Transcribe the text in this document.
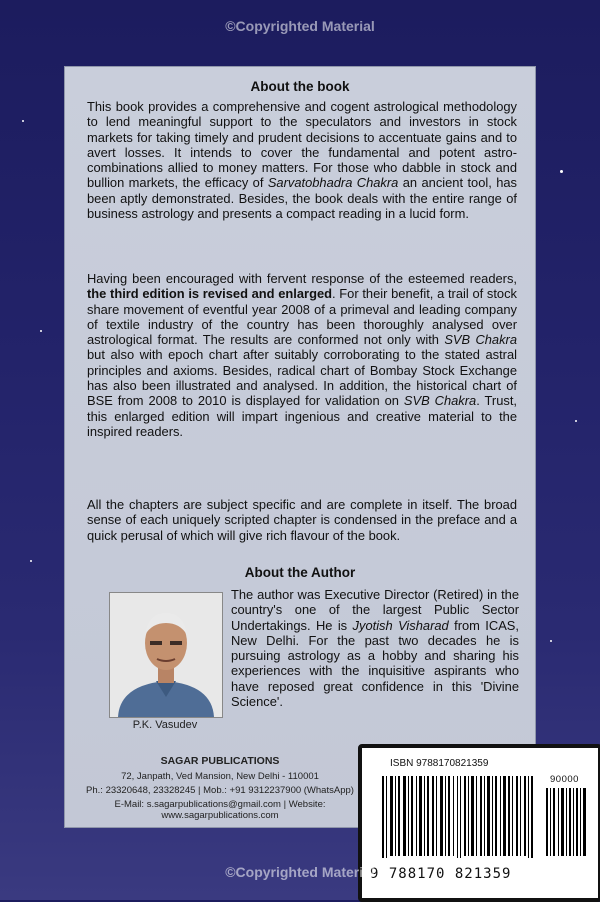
©Copyrighted Material
About the book

This book provides a comprehensive and cogent astrological methodology to lend meaningful support to the speculators and investors in stock markets for taking timely and prudent decisions to accentuate gains and to avert losses. It intends to cover the fundamental and potent astro-combinations allied to money matters. For those who dabble in stock and bullion markets, the efficacy of Sarvatobhadra Chakra an ancient tool, has been aptly demonstrated. Besides, the book deals with the entire range of business astrology and presents a compact reading in a lucid form.

Having been encouraged with fervent response of the esteemed readers, the third edition is revised and enlarged. For their benefit, a trail of stock share movement of eventful year 2008 of a primeval and leading company of textile industry of the country has been thoroughly analysed over astrological format. The results are conformed not only with SVB Chakra but also with epoch chart after suitably corroborating to the stated astral principles and axioms. Besides, radical chart of Bombay Stock Exchange has also been illustrated and analysed. In addition, the historical chart of BSE from 2008 to 2010 is displayed for validation on SVB Chakra. Trust, this enlarged edition will impart ingenious and creative material to the inspired readers.

All the chapters are subject specific and are complete in itself. The broad sense of each uniquely scripted chapter is condensed in the preface and a quick perusal of which will give rich flavour of the book.

About the Author
P.K. Vasudev

The author was Executive Director (Retired) in the country's one of the largest Public Sector Undertakings. He is Jyotish Visharad from ICAS, New Delhi. For the past two decades he is pursuing astrology as a hobby and sharing his experiences with the inquisitive aspirants who have reposed great confidence in this 'Divine Science'.

SAGAR PUBLICATIONS
72, Janpath, Ved Mansion, New Delhi - 110001
Ph.: 23320648, 23328245 | Mob.: +91 9312237900 (WhatsApp)
E-Mail: s.sagarpublications@gmail.com | Website: www.sagarpublications.com
ISBN 9788170821359
90000
9 788170 821359
©Copyrighted Material
